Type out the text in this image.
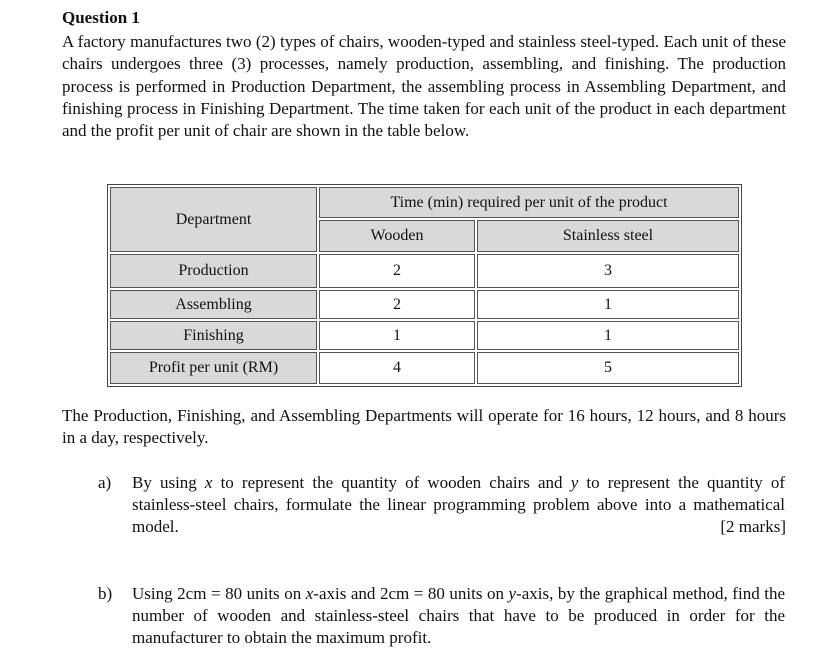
Question 1

A factory manufactures two (2) types of chairs, wooden-typed and stainless steel-typed. Each unit of these chairs undergoes three (3) processes, namely production, assembling, and finishing. The production process is performed in Production Department, the assembling process in Assembling Department, and finishing process in Finishing Department. The time taken for each unit of the product in each department and the profit per unit of chair are shown in the table below.

Department	Time (min) required per unit of the product	
	Wooden	Stainless steel
Production	2	3
Assembling	2	1
Finishing	1	1
Profit per unit (RM)	4	5

The Production, Finishing, and Assembling Departments will operate for 16 hours, 12 hours, and 8 hours in a day, respectively.

a) By using x to represent the quantity of wooden chairs and y to represent the quantity of stainless-steel chairs, formulate the linear programming problem above into a mathematical model.	[2 marks]
b) Using 2cm = 80 units on x-axis and 2cm = 80 units on y-axis, by the graphical method, find the number of wooden and stainless-steel chairs that have to be produced in order for the manufacturer to obtain the maximum profit.
